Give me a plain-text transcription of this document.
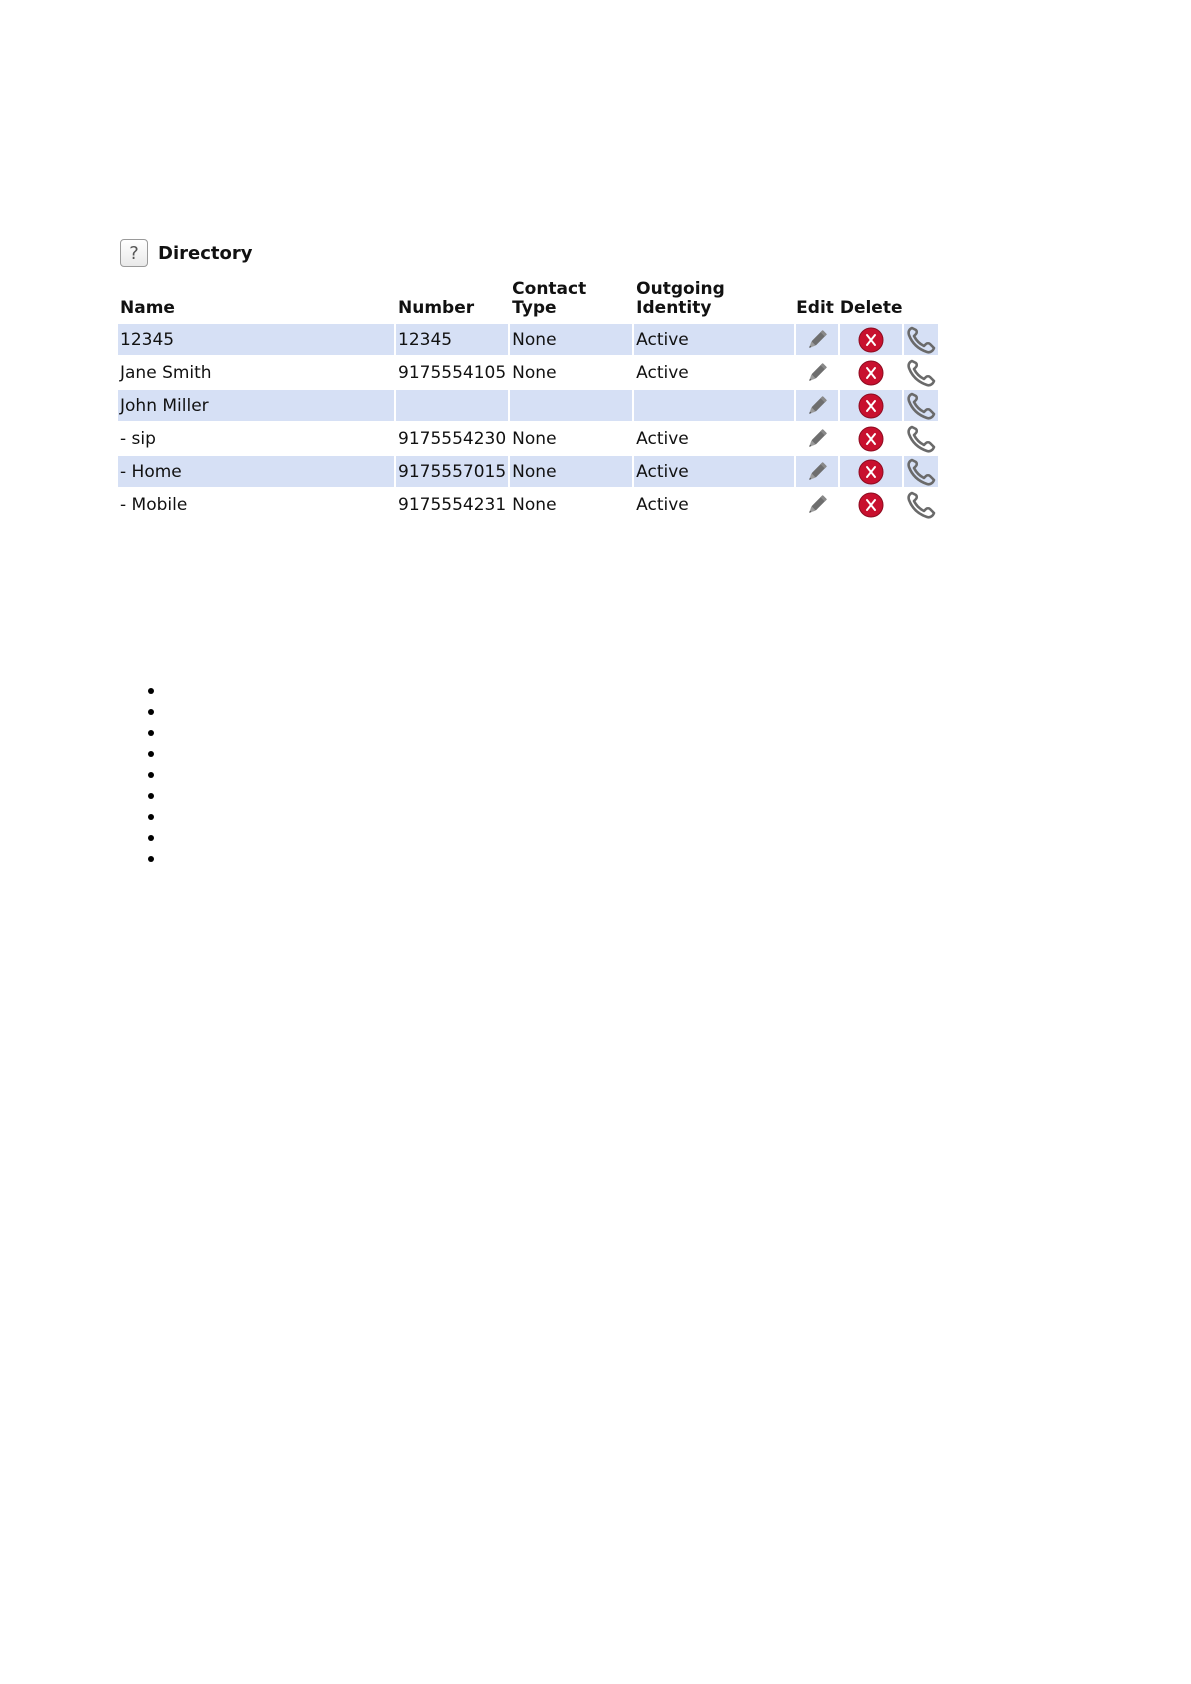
?	Directory
Name	Number	Contact Type	Outgoing Identity	Edit Delete		
12345	12345	None	Active	

Jane Smith	9175554105	None	Active	

John Miller				

- sip	9175554230	None	Active	

- Home	9175557015	None	Active	

- Mobile	9175554231	None	Active	
